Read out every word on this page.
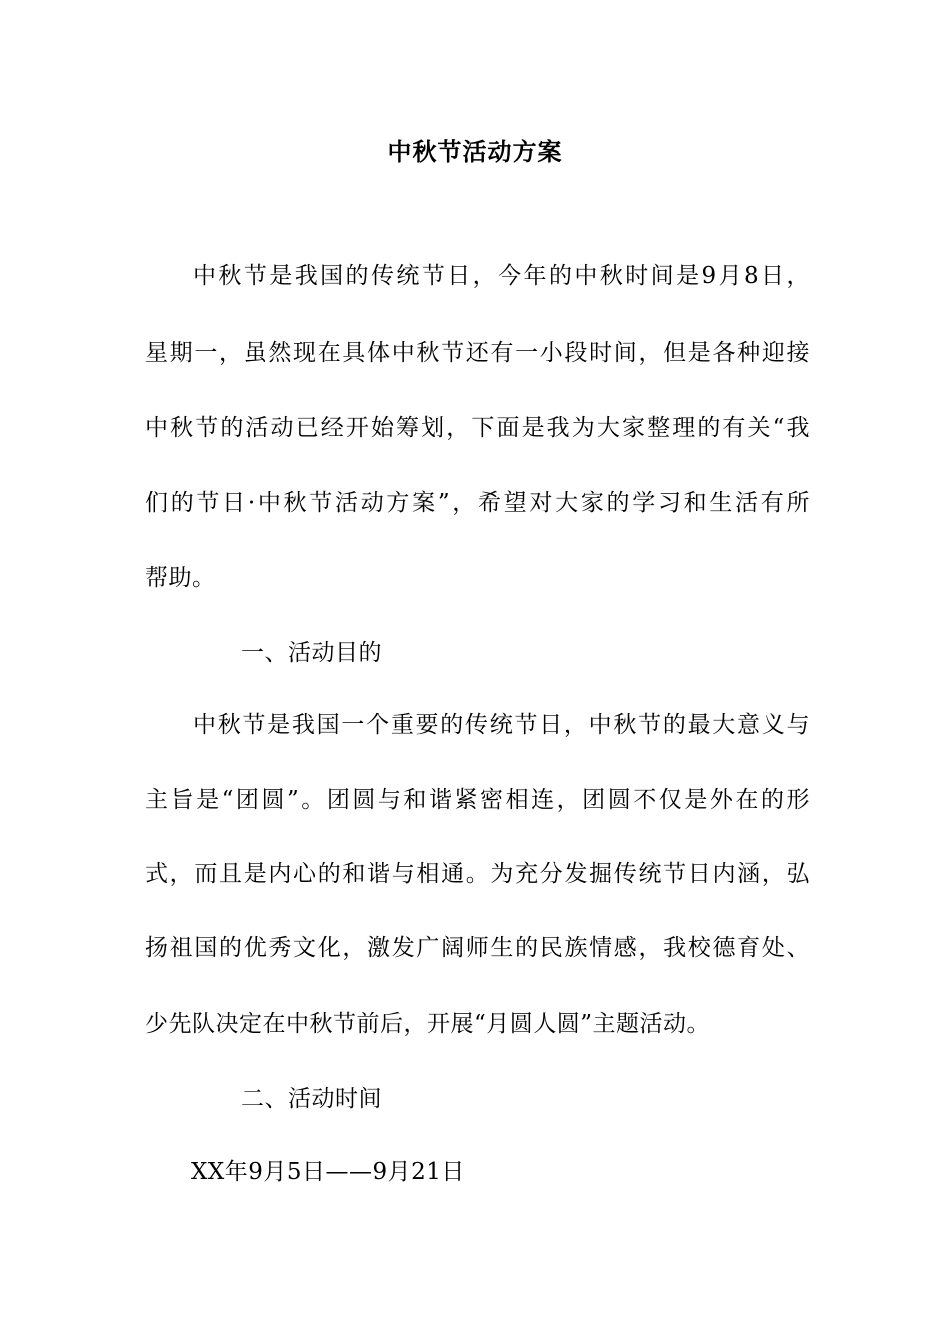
中秋节活动方案
中秋节是我国的传统节日，今年的中秋时间是9月8日，
星期一，虽然现在具体中秋节还有一小段时间，但是各种迎接
中秋节的活动已经开始筹划，下面是我为大家整理的有关“我
们的节日·中秋节活动方案”，希望对大家的学习和生活有所
帮助。
一、活动目的
中秋节是我国一个重要的传统节日，中秋节的最大意义与
主旨是“团圆”。团圆与和谐紧密相连，团圆不仅是外在的形
式，而且是内心的和谐与相通。为充分发掘传统节日内涵，弘
扬祖国的优秀文化，激发广阔师生的民族情感，我校德育处、
少先队决定在中秋节前后，开展“月圆人圆”主题活动。
二、活动时间
XX年9月5日——9月21日
